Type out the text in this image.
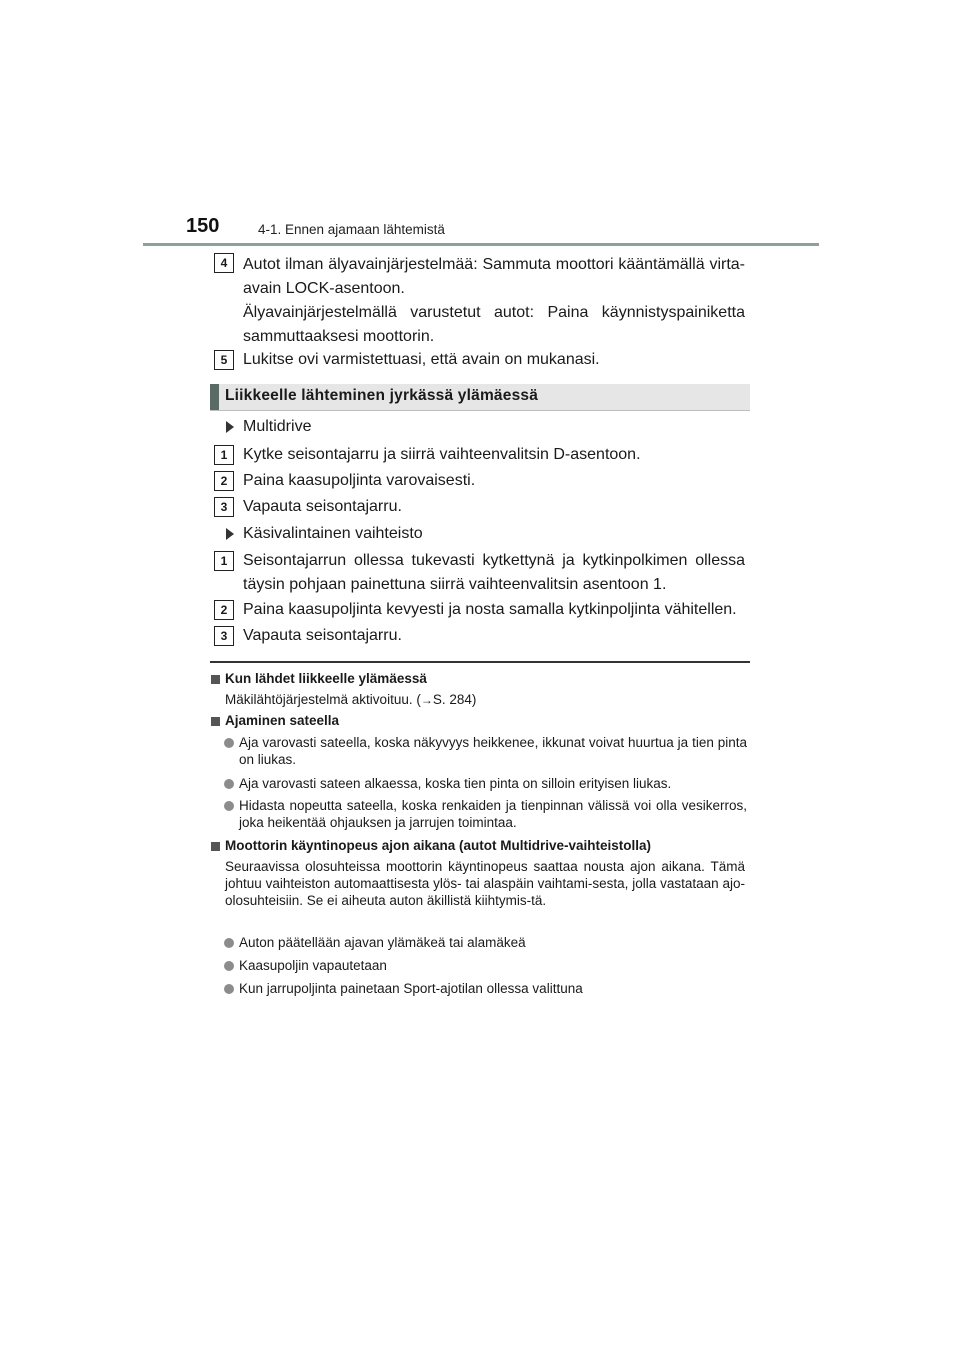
150	4-1. Ennen ajamaan lähtemistä
4 Autot ilman älyavainjärjestelmää: Sammuta moottori kääntämällä virta-avain LOCK-asentoon.
Älyavainjärjestelmällä varustetut autot: Paina käynnistyspainiketta sammuttaaksesi moottorin.
5 Lukitse ovi varmistettuasi, että avain on mukanasi.
Liikkeelle lähteminen jyrkässä ylämäessä
Multidrive
1 Kytke seisontajarru ja siirrä vaihteenvalitsin D-asentoon.
2 Paina kaasupoljinta varovaisesti.
3 Vapauta seisontajarru.
Käsivalintainen vaihteisto
1 Seisontajarrun ollessa tukevasti kytkettynä ja kytkinpolkimen ollessa täysin pohjaan painettuna siirrä vaihteenvalitsin asentoon 1.
2 Paina kaasupoljinta kevyesti ja nosta samalla kytkinpoljinta vähitellen.
3 Vapauta seisontajarru.
Kun lähdet liikkeelle ylämäessä
Mäkilähtöjärjestelmä aktivoituu. (→S. 284)
Ajaminen sateella
Aja varovasti sateella, koska näkyvyys heikkenee, ikkunat voivat huurtua ja tien pinta on liukas.
Aja varovasti sateen alkaessa, koska tien pinta on silloin erityisen liukas.
Hidasta nopeutta sateella, koska renkaiden ja tienpinnan välissä voi olla vesikerros, joka heikentää ohjauksen ja jarrujen toimintaa.
Moottorin käyntinopeus ajon aikana (autot Multidrive-vaihteistolla)
Seuraavissa olosuhteissa moottorin käyntinopeus saattaa nousta ajon aikana. Tämä johtuu vaihteiston automaattisesta ylös- tai alaspäin vaihtami-sesta, jolla vastataan ajo-olosuhteisiin. Se ei aiheuta auton äkillistä kiihtymis-tä.
Auton päätellään ajavan ylämäkeä tai alamäkeä
Kaasupoljin vapautetaan
Kun jarrupoljinta painetaan Sport-ajotilan ollessa valittuna
